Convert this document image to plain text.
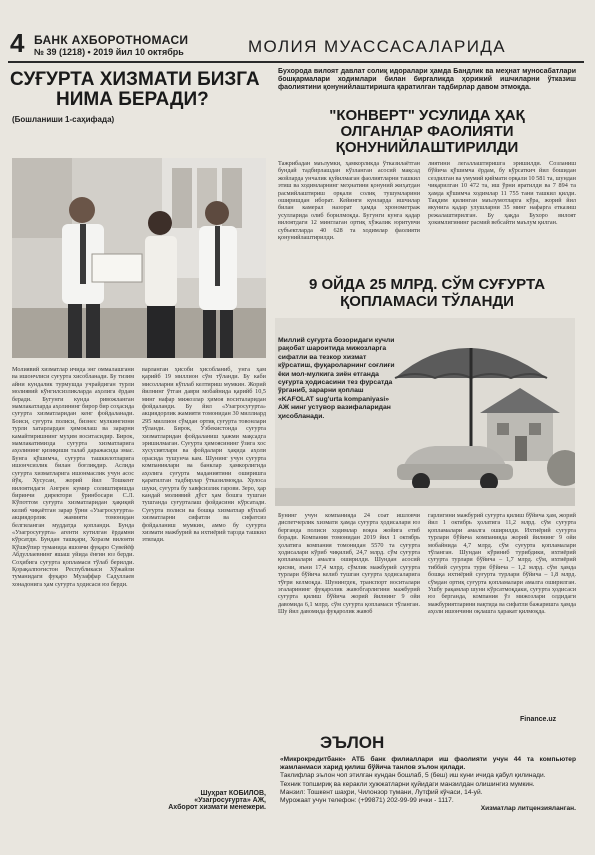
4 БАНК АХБОРОТНОМАСИ
№ 39 (1218) • 2019 йил 10 октябрь	МОЛИЯ МУАССАСАЛАРИДА
СУҒУРТА ХИЗМАТИ БИЗГА
НИМА БЕРАДИ?
(Бошланиши 1-саҳифада)
Молиявий хизматлар ичида энг оммалашгани ва ишончлиси суғурта хисобланади. Бу тизим айни кундалик турмушда учрайдиган турли молиявий кўнгилсизликларда аҳолига ёрдам беради. Бугунги кунда ривожланган мамлакатларда аҳолининг бирор бир соҳасида суғурта хизматларидан кенг фойдаланади. Боиси, суғурта полиси, бизнес мулкингизни турли хатарлардан ҳимоялаш ва зарарни камайтиришнинг муҳим воситасидир. Бирок, мамлакатимизда суғурта хизматларига аҳолининг қизиқиши талаб даражасида эмас. Бунга қўшимча, суғурта ташкилотларига ишончсизлик билан боғлиқдир. Аслида суғурта хизматларига ишонмаслик учун асос йўқ. Хусусан, жорий йил Тошкент вилоятидаги Ангрен кумир солиштиришда биринчи директори ўринбосари С.Л. Кўпоттом суғурта хизматларидан ҳақиқий келиб чиқаётган зарар ўрни «Узагросуғурта» акциядорлик жамияти томонидан белгиланган муддатда қопланди. Бунда «Узагросуғурта» агенти кутилган ёрдамни кўрсатди. Бундан ташқари, Хоразм вилояти Қўшкўпир туманида яшовчи фуқаро Сувейёф Абдуллаевнинг яшаш уйида ёнғин юз берди. Соҳибига суғурта қопламаси тўлаб берилди. Қорақалпоғистон Республикаси Хўжайли туманидаги фуқаро Музаффар Садуллаев хонадонига ҳам суғурта ҳодисаси юз берди.
варланган ҳисоби ҳисобланиб, унга ҳам қарийб 19 миллион сўм тўланди. Бу каби мисолларни кўплаб келтириш мумкин. Жорий йилнинг ўтган даври мобайнида қарийб 10,5 минг нафар мижозлар ҳимоя воситаларидан фойдаланди. Бу йил «Узагросуғурта» акциядорлик жамияти томонидан 30 миллиард 295 миллион сўмдан ортиқ суғурта товонлари тўланди. Бирок, Ўзбекистонда суғурта хизматларидан фойдаланиш ҳажми мақсадга эришилмаган. Суғурта ҳимоясининг ўзига хос хусусиятлари ва фойдалари ҳақида аҳоли орасида тушунча кам. Шунинг учун суғурта компаниялари ва банклар ҳамкорлигида аҳолига суғурта маданиятини оширишга қаратилган тадбирлар ўтказилмоқда. Хулоса шуки, суғурта бу хавфсизлик гарови. Зеро, ҳар кандай молиявий дўст ҳам бошга тушган тушганда суғурталаш фойдасини кўрсатади. Суғурта полиси ва бошқа хизматлар кўплаб хизматларни сифатли ва сифатсиз фойдаланиш мумкин, аммо бу суғурта хизмати мажбурий ва ихтиёрий тарзда ташкил этилади.
Шуҳрат КОБИЛОВ,
«Узагросуғурта» АЖ,
Ахборот хизмати менежери.
Бухорода вилоят давлат солиқ идоралари ҳамда Бандлик ва меҳнат муносабатлари бошқармалари ходимлари билан биргаликда ҳорижий ишчиларни ўтказиш фаолиятини қонунийлаштиришга қаратилган тадбирлар давом этмоқда.
"КОНВЕРТ" УСУЛИДА ҲАҚ
ОЛГАНЛАР ФАОЛИЯТИ
ҚОНУНИЙЛАШТИРИЛДИ
Тажрибадан маълумки, ҳамкорликда ўтказилаётган бундай тадбирлашдан кўзланган асосий мақсад жойларда унчалик қуйилмаган фаолиятларни ташкил этиш ва ходимларнинг меҳнатини қонуний жиҳатдан расмийлаштириш орқали солиқ тушумларини оширишдан иборат. Кейинги кунларда ишчилар билан камерал назорат ҳамда хронометраж усулларида олиб борилмоқда. Бугунги кунга қадар вилоятдаги 12 минглаган ортиқ хўжалик юритувчи субъектларда 40 628 та ходимлар фаолияти қонунийлаштирилди.
лиятини легаллаштиришга эришилди. Созланиш бўйича қўшимча ёрдам, бу кўрсаткич йил бошидан сездилган ва умумий қиймати орқали 10 581 та, шундан чиқарилган 10 472 та, иш ўрни яратилди ва 7 894 та ҳамда қўшимча ходимлар 11 755 тани ташкил қилди. Тақдим қилинган маълумотларга кўра, жорий йил якунига қадар улушларни 35 минг нафарга етказиш режалаштирилган. Бу ҳақда Бухоро вилоят ҳокимлигининг расмий вебсайти маълум қилган.
9 ОЙДА 25 МЛРД. СЎМ СУҒУРТА
ҚОПЛАМАСИ ТЎЛАНДИ
Миллий суғурта бозоридаги кучли рақобат шароитида мижозларга сифатли ва тезкор хизмат кўрсатиш, фуқароларнинг соғлиғи ёки мол-мулкига зиён етганда суғурта ҳодисасини тез фурсатда ўрганиб, зарарни қоплаш «KAFOLAT sug'urta kompaniyasi» АЖ нинг устувор вазифаларидан ҳисобланади.
Бунинг учун компанияда 24 соат ишловчи диспетчерлик хизмати ҳамда суғурта ҳодисалари юз берганда полиси ходимлар воқеа жойига етиб боради. Компания томонидан 2019 йил 1 октябрь ҳолатига компания томонидан 5570 та суғурта ҳодисалари кўриб чиқилиб, 24,7 млрд. сўм суғурта қопламалари амалга оширилди. Шундан асосий қисми, яъни 17,4 млрд. сўмлик мажбурий суғурта турлари бўйича келиб тушган суғурта ҳодисаларига тўғри келмоқда. Шунингдек, транспорт воситалари эгаларининг фуқаролик жавобгарлигини мажбурий суғурта қилиш бўйича жорий йилнинг 9 ойи давомида 6,1 млрд. сўм суғурта қопламаси тўланган. Шу йил давомида фуқаролик жавоб
гарлигини мажбурий суғурта қилиш бўйича ҳам, жорий йил 1 октябрь ҳолатига 11,2 млрд. сўм суғурта қопламалари амалга оширилди. Ихтиёрий суғурта турлари бўйича компанияда жорий йилнинг 9 ойи мобайнида 4,7 млрд. сўм суғурта қопламалари тўланган. Шундан кўриниб турибдики, ихтиёрий суғурта турлари бўйича – 1,7 млрд. сўм, ихтиёрий тиббий суғурта тури бўйича – 1,2 млрд. сўм ҳамда бошқа ихтиёрий суғурта турлари бўйича – 1,8 млрд. сўмдан ортиқ суғурта қопламалари амалга оширилган. Ушбу рақамлар шуни кўрсатмоқдаки, суғурта ҳодисаси юз берганда, компания ўз мижозлари олдидаги мажбуриятларини вақтида ва сифатли бажаришга ҳамда аҳоли ишончини оқлашга ҳаракат қилмоқда.
Finance.uz
ЭЪЛОН
«Микрокредитбанк» АТБ банк филиаллари иш фаолияти учун 44 та компьютер жамланмаси харид қилиш бўйича танлов эълон қилади.
Таклифлар эълон чоп этилган кундан бошлаб, 5 (беш) иш куни ичида қабул қилинади.
Техник топшириқ ва керакли ҳужжатларни қуйидаги манзилдан олишингиз мумкин.
Манзил: Тошкент шаҳри, Чилонзор тумани, Лутфий кўчаси, 14-уй.
Мурожаат учун телефон: (+99871) 202-99-99 ички - 1117.
Хизматлар литцензияланган.
